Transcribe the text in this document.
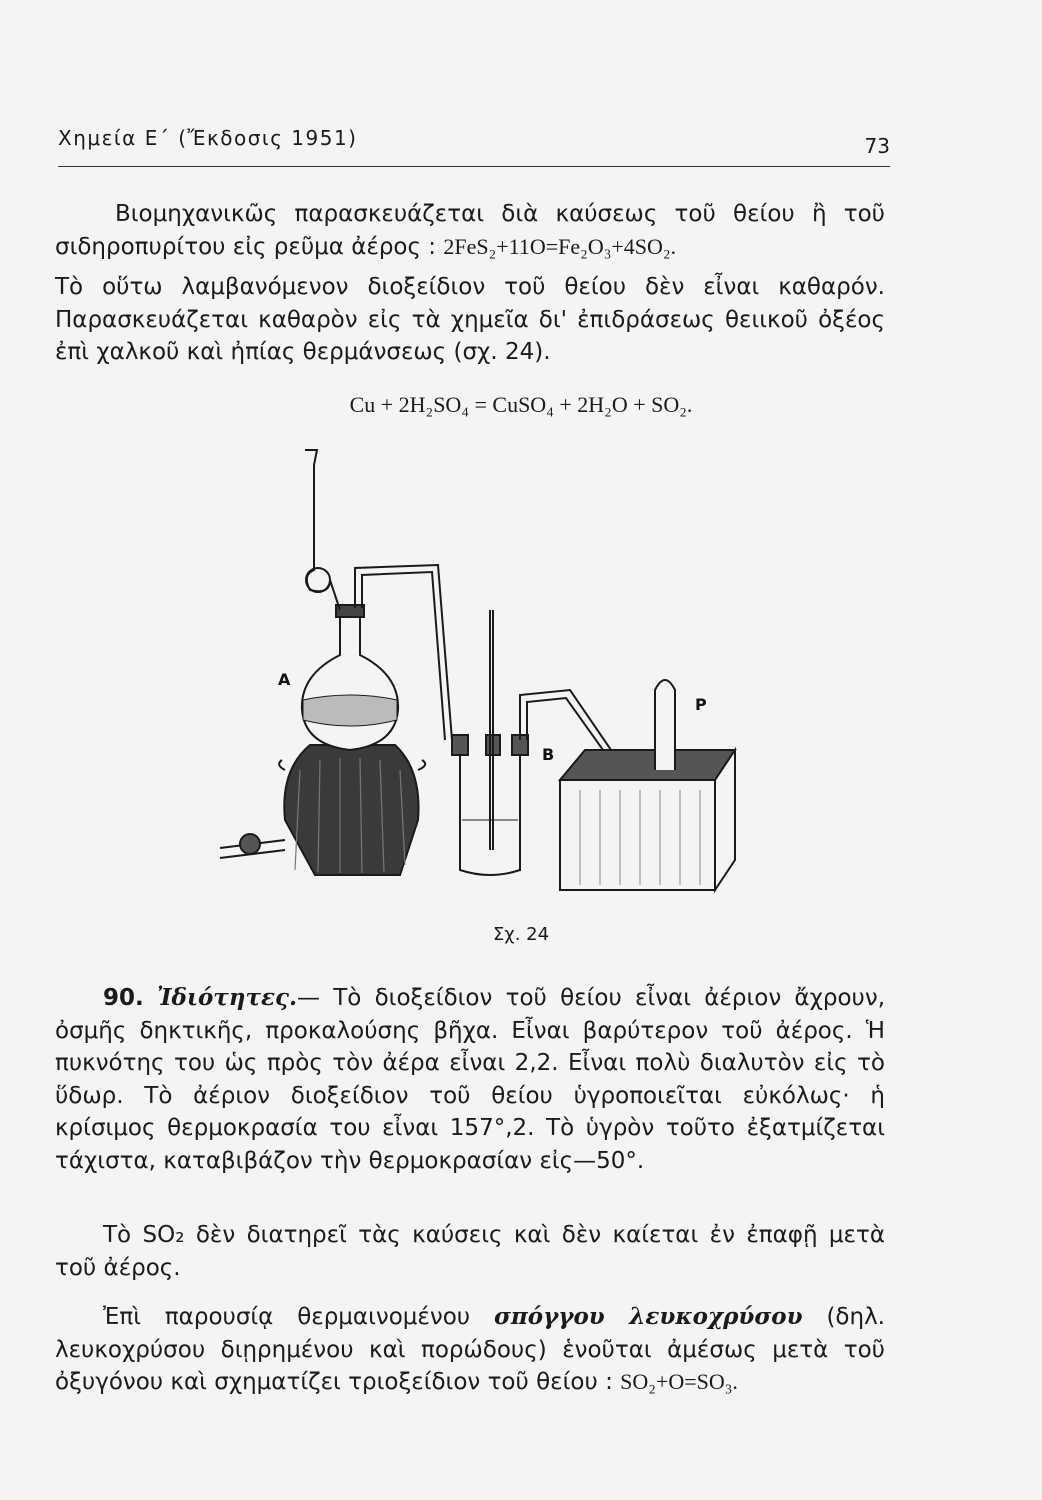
Χημεία Ε΄ (Ἔκδοσις 1951)	73
Βιομηχανικῶς παρασκευάζεται διὰ καύσεως τοῦ θείου ἢ τοῦ σιδηροπυρίτου εἰς ρεῦμα ἀέρος : 2FeS₂+11O=Fe₂O₃+4SO₂.
Τὸ οὕτω λαμβανόμενον διοξείδιον τοῦ θείου δὲν εἶναι καθαρόν. Παρασκευάζεται καθαρὸν εἰς τὰ χημεῖα δι' ἐπιδράσεως θειικοῦ ὀξέος ἐπὶ χαλκοῦ καὶ ἠπίας θερμάνσεως (σχ. 24).
Cu + 2H₂SO₄ = CuSO₄ + 2H₂O + SO₂.
A
B
P
Σχ. 24
90. Ἰδιότητες.— Τὸ διοξείδιον τοῦ θείου εἶναι ἀέριον ἄχρουν, ὀσμῆς δηκτικῆς, προκαλούσης βῆχα. Εἶναι βαρύτερον τοῦ ἀέρος. Ἡ πυκνότης του ὡς πρὸς τὸν ἀέρα εἶναι 2,2. Εἶναι πολὺ διαλυτὸν εἰς τὸ ὕδωρ. Τὸ ἀέριον διοξείδιον τοῦ θείου ὑγροποιεῖται εὐκόλως· ἡ κρίσιμος θερμοκρασία του εἶναι 157°,2. Τὸ ὑγρὸν τοῦτο ἐξατμίζεται τάχιστα, καταβιβάζον τὴν θερμοκρασίαν εἰς—50°.
Τὸ SO₂ δὲν διατηρεῖ τὰς καύσεις καὶ δὲν καίεται ἐν ἐπαφῇ μετὰ τοῦ ἀέρος.
Ἐπὶ παρουσίᾳ θερμαινομένου σπόγγου λευκοχρύσου (δηλ. λευκοχρύσου διῃρημένου καὶ πορώδους) ἑνοῦται ἀμέσως μετὰ τοῦ ὀξυγόνου καὶ σχηματίζει τριοξείδιον τοῦ θείου : SO₂+O=SO₃.
